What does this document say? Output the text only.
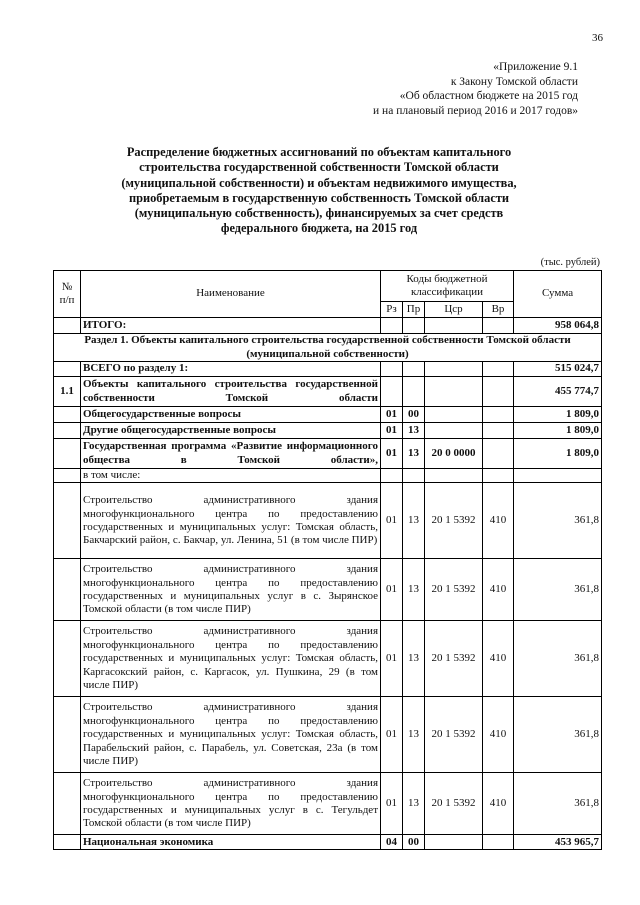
36
«Приложение 9.1
к Закону Томской области
«Об областном бюджете на 2015 год
и на плановый период 2016 и 2017 годов»
Распределение бюджетных ассигнований по объектам капитального
строительства государственной собственности Томской области
(муниципальной собственности) и объектам недвижимого имущества,
приобретаемым в государственную собственность Томской области
(муниципальную собственность), финансируемых за счет средств
федерального бюджета, на 2015 год
(тыс. рублей)
№ п/п	Наименование	Коды бюджетной классификации				Сумма
		Рз	Пр	Цср	Вр	
	ИТОГО:					958 064,8
Раздел 1. Объекты капитального строительства государственной собственности Томской области (муниципальной собственности)						
	ВСЕГО по разделу 1:					515 024,7
1.1	Объекты капитального строительства государственной собственности Томской области					455 774,7
	Общегосударственные вопросы	01	00			1 809,0
	Другие общегосударственные вопросы	01	13			1 809,0
	Государственная программа «Развитие информационного общества в Томской области»,	01	13	20 0 0000		1 809,0
	в том числе:					
	Строительство административного здания многофункционального центра по предоставлению государственных и муниципальных услуг: Томская область, Бакчарский район, с. Бакчар, ул. Ленина, 51 (в том числе ПИР)	01	13	20 1 5392	410	361,8
	Строительство административного здания многофункционального центра по предоставлению государственных и муниципальных услуг в с. Зырянское Томской области (в том числе ПИР)	01	13	20 1 5392	410	361,8
	Строительство административного здания многофункционального центра по предоставлению государственных и муниципальных услуг: Томская область, Каргасокский район, с. Каргасок, ул. Пушкина, 29 (в том числе ПИР)	01	13	20 1 5392	410	361,8
	Строительство административного здания многофункционального центра по предоставлению государственных и муниципальных услуг: Томская область, Парабельский район, с. Парабель, ул. Советская, 23а (в том числе ПИР)	01	13	20 1 5392	410	361,8
	Строительство административного здания многофункционального центра по предоставлению государственных и муниципальных услуг в с. Тегульдет Томской области (в том числе ПИР)	01	13	20 1 5392	410	361,8
	Национальная экономика	04	00			453 965,7
